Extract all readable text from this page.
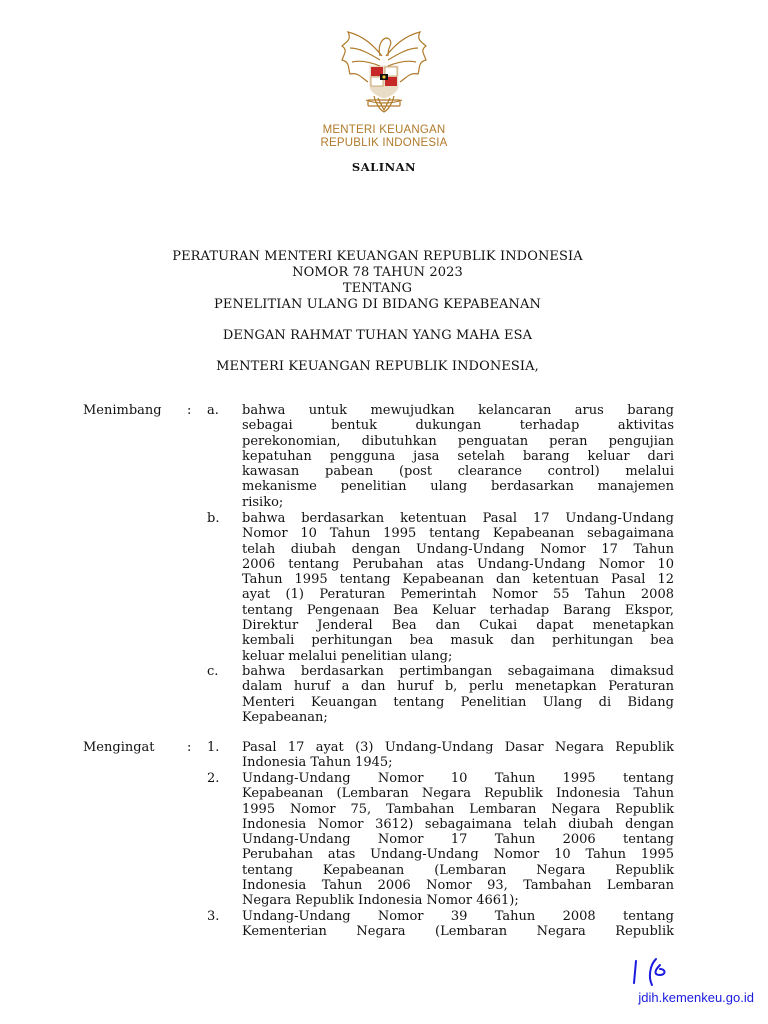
MENTERI KEUANGAN
REPUBLIK INDONESIA
SALINAN
PERATURAN MENTERI KEUANGAN REPUBLIK INDONESIA
NOMOR 78 TAHUN 2023
TENTANG
PENELITIAN ULANG DI BIDANG KEPABEANAN
DENGAN RAHMAT TUHAN YANG MAHA ESA
MENTERI KEUANGAN REPUBLIK INDONESIA,
Menimbang : a. bahwa untuk mewujudkan kelancaran arus barang

sebagai bentuk dukungan terhadap aktivitas

perekonomian, dibutuhkan penguatan peran pengujian

kepatuhan pengguna jasa setelah barang keluar dari

kawasan pabean (post clearance control) melalui

mekanisme penelitian ulang berdasarkan manajemen

risiko;

b. bahwa berdasarkan ketentuan Pasal 17 Undang-Undang

Nomor 10 Tahun 1995 tentang Kepabeanan sebagaimana

telah diubah dengan Undang-Undang Nomor 17 Tahun

2006 tentang Perubahan atas Undang-Undang Nomor 10

Tahun 1995 tentang Kepabeanan dan ketentuan Pasal 12

ayat (1) Peraturan Pemerintah Nomor 55 Tahun 2008

tentang Pengenaan Bea Keluar terhadap Barang Ekspor,

Direktur Jenderal Bea dan Cukai dapat menetapkan

kembali perhitungan bea masuk dan perhitungan bea

keluar melalui penelitian ulang;

c. bahwa berdasarkan pertimbangan sebagaimana dimaksud

dalam huruf a dan huruf b, perlu menetapkan Peraturan

Menteri Keuangan tentang Penelitian Ulang di Bidang

Kepabeanan;

Mengingat : 1. Pasal 17 ayat (3) Undang-Undang Dasar Negara Republik

Indonesia Tahun 1945;

2. Undang-Undang Nomor 10 Tahun 1995 tentang

Kepabeanan (Lembaran Negara Republik Indonesia Tahun

1995 Nomor 75, Tambahan Lembaran Negara Republik

Indonesia Nomor 3612) sebagaimana telah diubah dengan

Undang-Undang Nomor 17 Tahun 2006 tentang

Perubahan atas Undang-Undang Nomor 10 Tahun 1995

tentang Kepabeanan (Lembaran Negara Republik

Indonesia Tahun 2006 Nomor 93, Tambahan Lembaran

Negara Republik Indonesia Nomor 4661);

3. Undang-Undang Nomor 39 Tahun 2008 tentang

Kementerian Negara (Lembaran Negara Republik

jdih.kemenkeu.go.id
